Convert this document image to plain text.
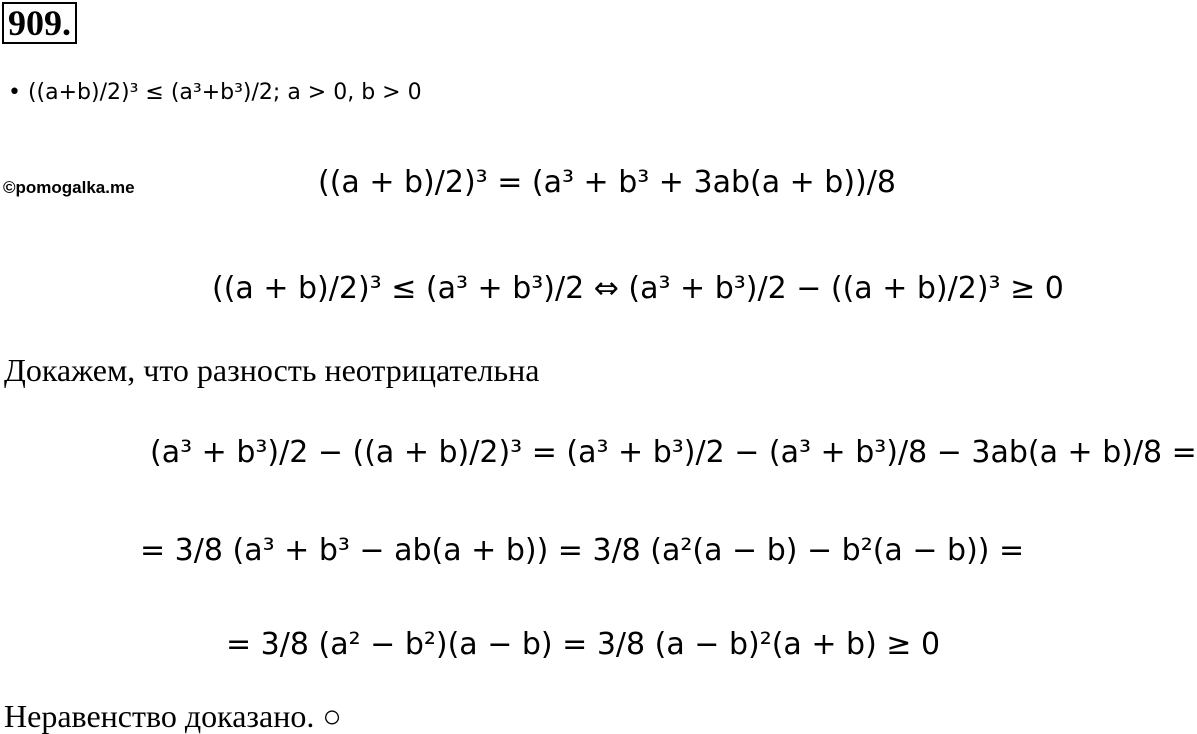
909.
• ((a+b)/2)³ ≤ (a³+b³)/2; a > 0, b > 0
©pomogalka.me	((a + b)/2)³ = (a³ + b³ + 3ab(a + b))/8
((a + b)/2)³ ≤ (a³ + b³)/2 ⇔ (a³ + b³)/2 − ((a + b)/2)³ ≥ 0
Докажем, что разность неотрицательна
(a³ + b³)/2 − ((a + b)/2)³ = (a³ + b³)/2 − (a³ + b³)/8 − 3ab(a + b)/8 =
= 3/8 (a³ + b³ − ab(a + b)) = 3/8 (a²(a − b) − b²(a − b)) =
= 3/8 (a² − b²)(a − b) = 3/8 (a − b)²(a + b) ≥ 0
Неравенство доказано. ○
